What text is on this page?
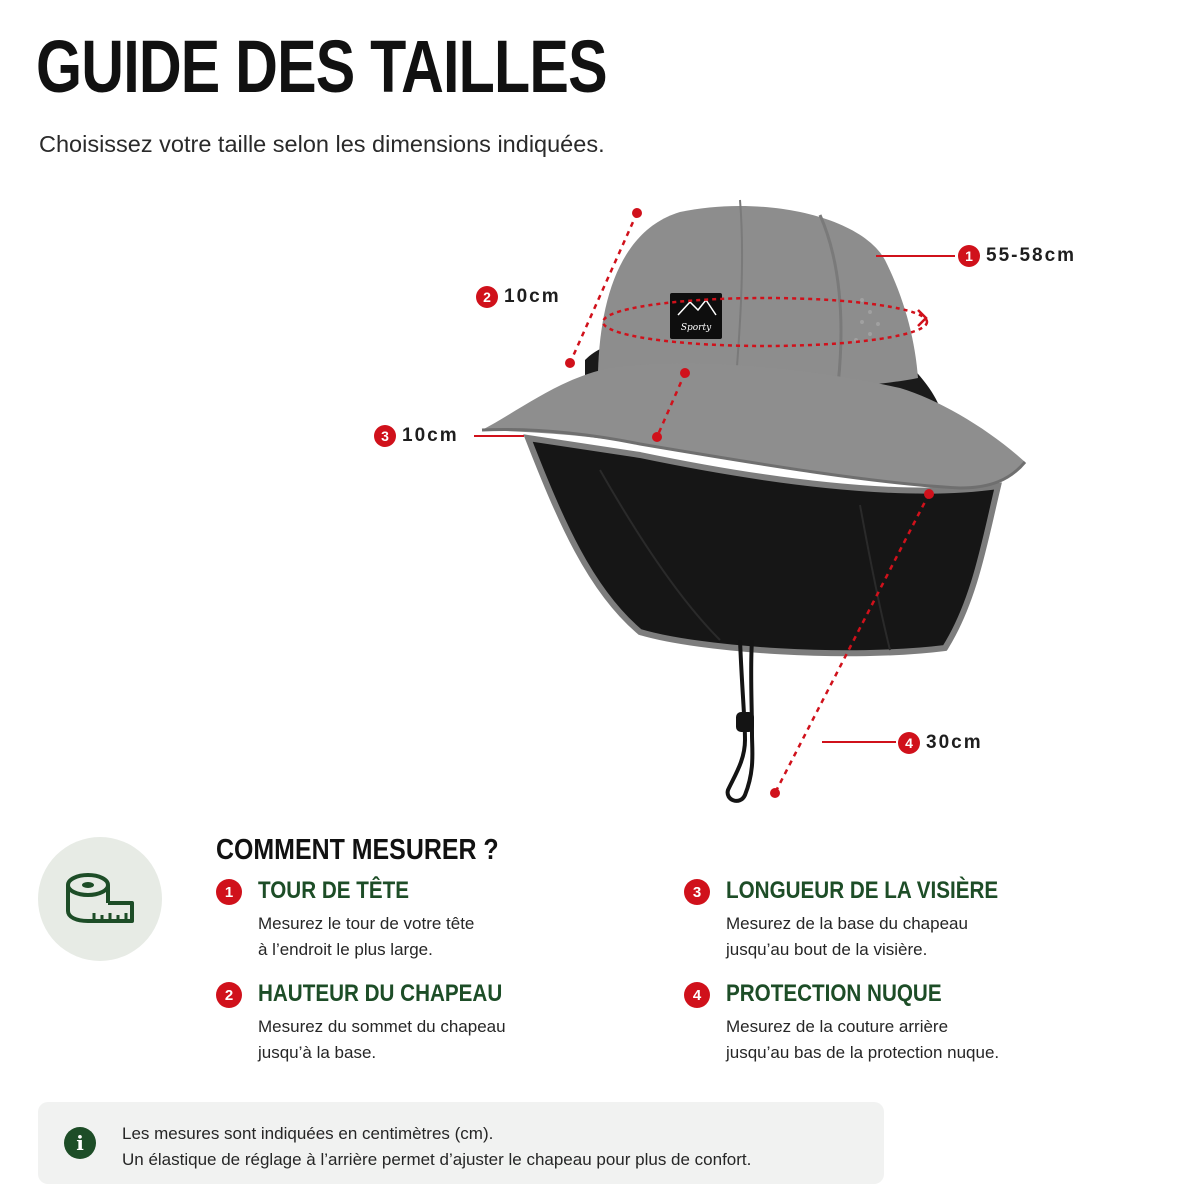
GUIDE DES TAILLES
Choisissez votre taille selon les dimensions indiquées.
Sporty
1 55-58cm
2 10cm
3 10cm
4 30cm
COMMENT MESURER ?
1	TOUR DE TÊTE
Mesurez le tour de votre tête
à l’endroit le plus large.
2	HAUTEUR DU CHAPEAU
Mesurez du sommet du chapeau
jusqu’à la base.
3	LONGUEUR DE LA VISIÈRE
Mesurez de la base du chapeau
jusqu’au bout de la visière.
4	PROTECTION NUQUE
Mesurez de la couture arrière
jusqu’au bas de la protection nuque.
i	Les mesures sont indiquées en centimètres (cm).
Un élastique de réglage à l’arrière permet d’ajuster le chapeau pour plus de confort.
